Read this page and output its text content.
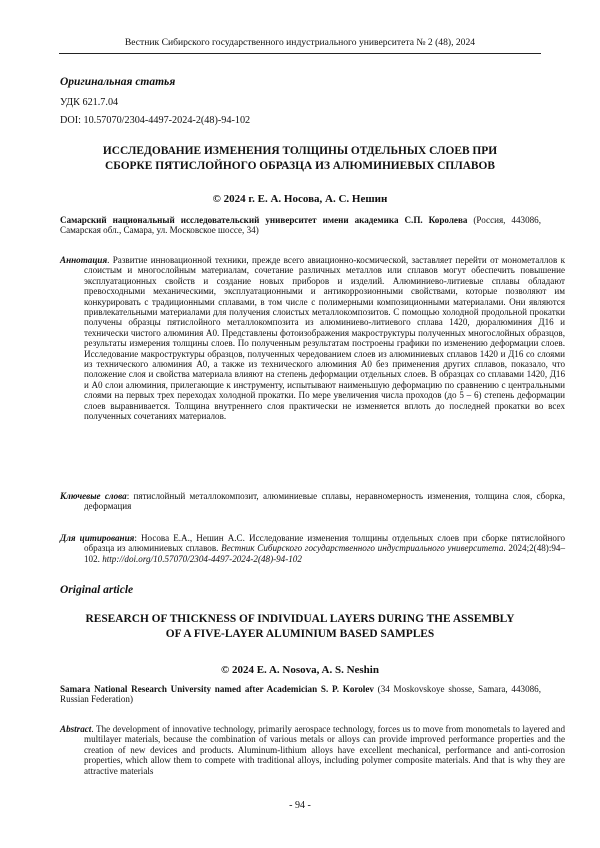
Вестник Сибирского государственного индустриального университета № 2 (48), 2024
Оригинальная статья
УДК 621.7.04
DOI: 10.57070/2304-4497-2024-2(48)-94-102
ИССЛЕДОВАНИЕ ИЗМЕНЕНИЯ ТОЛЩИНЫ ОТДЕЛЬНЫХ СЛОЕВ ПРИ
СБОРКЕ ПЯТИСЛОЙНОГО ОБРАЗЦА ИЗ АЛЮМИНИЕВЫХ СПЛАВОВ
© 2024 г. Е. А. Носова, А. С. Нешин
Самарский национальный исследовательский университет имени академика С.П. Королева (Россия, 443086, Самарская обл., Самара, ул. Московское шоссе, 34)
Аннотация. Развитие инновационной техники, прежде всего авиационно-космической, заставляет перейти от монометаллов к слоистым и многослойным материалам, сочетание различных металлов или сплавов могут обеспечить повышение эксплуатационных свойств и создание новых приборов и изделий. Алюминиево-литиевые сплавы обладают превосходными механическими, эксплуатационными и антикоррозионными свойствами, которые позволяют им конкурировать с традиционными сплавами, в том числе с полимерными композиционными материалами. Они являются привлекательными материалами для получения слоистых металлокомпозитов. С помощью холодной продольной прокатки получены образцы пятислойного металлокомпозита из алюминиево-литиевого сплава 1420, дюралюминия Д16 и технически чистого алюминия А0. Представлены фотоизображения макроструктуры полученных многослойных образцов, результаты измерения толщины слоев. По полученным результатам построены графики по изменению деформации слоев. Исследование макроструктуры образцов, полученных чередованием слоев из алюминиевых сплавов 1420 и Д16 со слоями из технического алюминия А0, а также из технического алюминия А0 без применения других сплавов, показало, что положение слоя и свойства материала влияют на степень деформации отдельных слоев. В образцах со сплавами 1420, Д16 и А0 слои алюминия, прилегающие к инструменту, испытывают наименьшую деформацию по сравнению с центральными слоями на первых трех переходах холодной прокатки. По мере увеличения числа проходов (до 5 – 6) степень деформации слоев выравнивается. Толщина внутреннего слоя практически не изменяется вплоть до последней прокатки во всех полученных сочетаниях материалов.
Ключевые слова: пятислойный металлокомпозит, алюминиевые сплавы, неравномерность изменения, толщина слоя, сборка, деформация
Для цитирования: Носова Е.А., Нешин А.С. Исследование изменения толщины отдельных слоев при сборке пятислойного образца из алюминиевых сплавов. Вестник Сибирского государственного индустриального университета. 2024;2(48):94–102. http://doi.org/10.57070/2304-4497-2024-2(48)-94-102
Original article
RESEARCH OF THICKNESS OF INDIVIDUAL LAYERS DURING THE ASSEMBLY
OF A FIVE-LAYER ALUMINIUM BASED SAMPLES
© 2024 E. A. Nosova, A. S. Neshin
Samara National Research University named after Academician S. P. Korolev (34 Moskovskoye shosse, Samara, 443086, Russian Federation)
Abstract. The development of innovative technology, primarily aerospace technology, forces us to move from monometals to layered and multilayer materials, because the combination of various metals or alloys can provide improved performance properties and the creation of new devices and products. Aluminum-lithium alloys have excellent mechanical, performance and anti-corrosion properties, which allow them to compete with traditional alloys, including polymer composite materials. And that is why they are attractive materials
- 94 -
